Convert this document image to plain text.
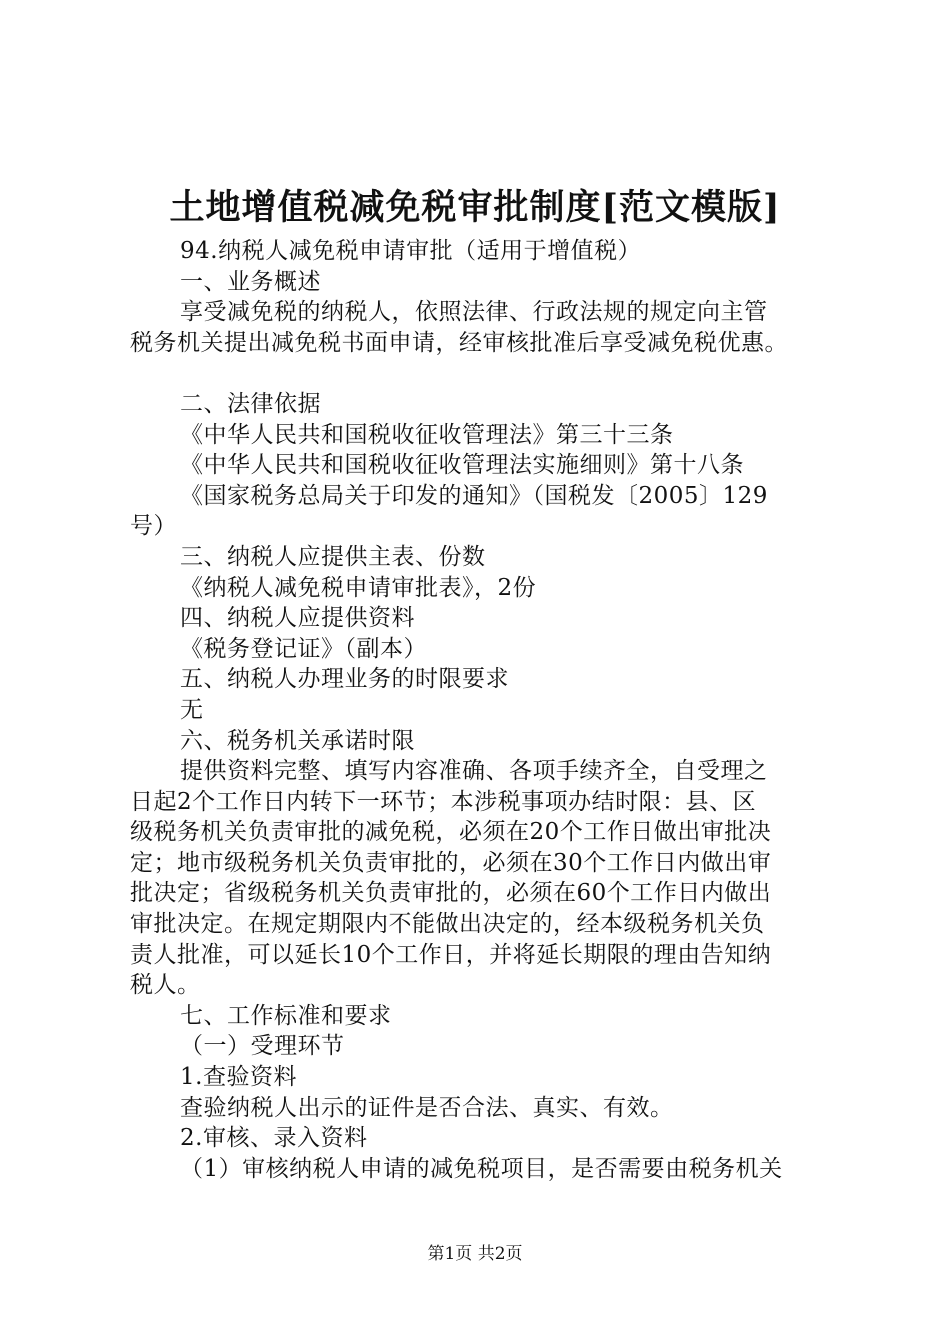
土地增值税减免税审批制度[范文模版]
94.纳税人减免税申请审批（适用于增值税）
一、业务概述
享受减免税的纳税人，依照法律、行政法规的规定向主管
税务机关提出减免税书面申请，经审核批准后享受减免税优惠。
二、法律依据
《中华人民共和国税收征收管理法》第三十三条
《中华人民共和国税收征收管理法实施细则》第十八条
《国家税务总局关于印发的通知》（国税发〔2005〕129
号）
三、纳税人应提供主表、份数
《纳税人减免税申请审批表》，2份
四、纳税人应提供资料
《税务登记证》（副本）
五、纳税人办理业务的时限要求
无
六、税务机关承诺时限
提供资料完整、填写内容准确、各项手续齐全，自受理之
日起2个工作日内转下一环节；本涉税事项办结时限：县、区
级税务机关负责审批的减免税，必须在20个工作日做出审批决
定；地市级税务机关负责审批的，必须在30个工作日内做出审
批决定；省级税务机关负责审批的，必须在60个工作日内做出
审批决定。在规定期限内不能做出决定的，经本级税务机关负
责人批准，可以延长10个工作日，并将延长期限的理由告知纳
税人。
七、工作标准和要求
（一）受理环节
1.查验资料
查验纳税人出示的证件是否合法、真实、有效。
2.审核、录入资料
（1）审核纳税人申请的减免税项目，是否需要由税务机关
第1页 共2页
